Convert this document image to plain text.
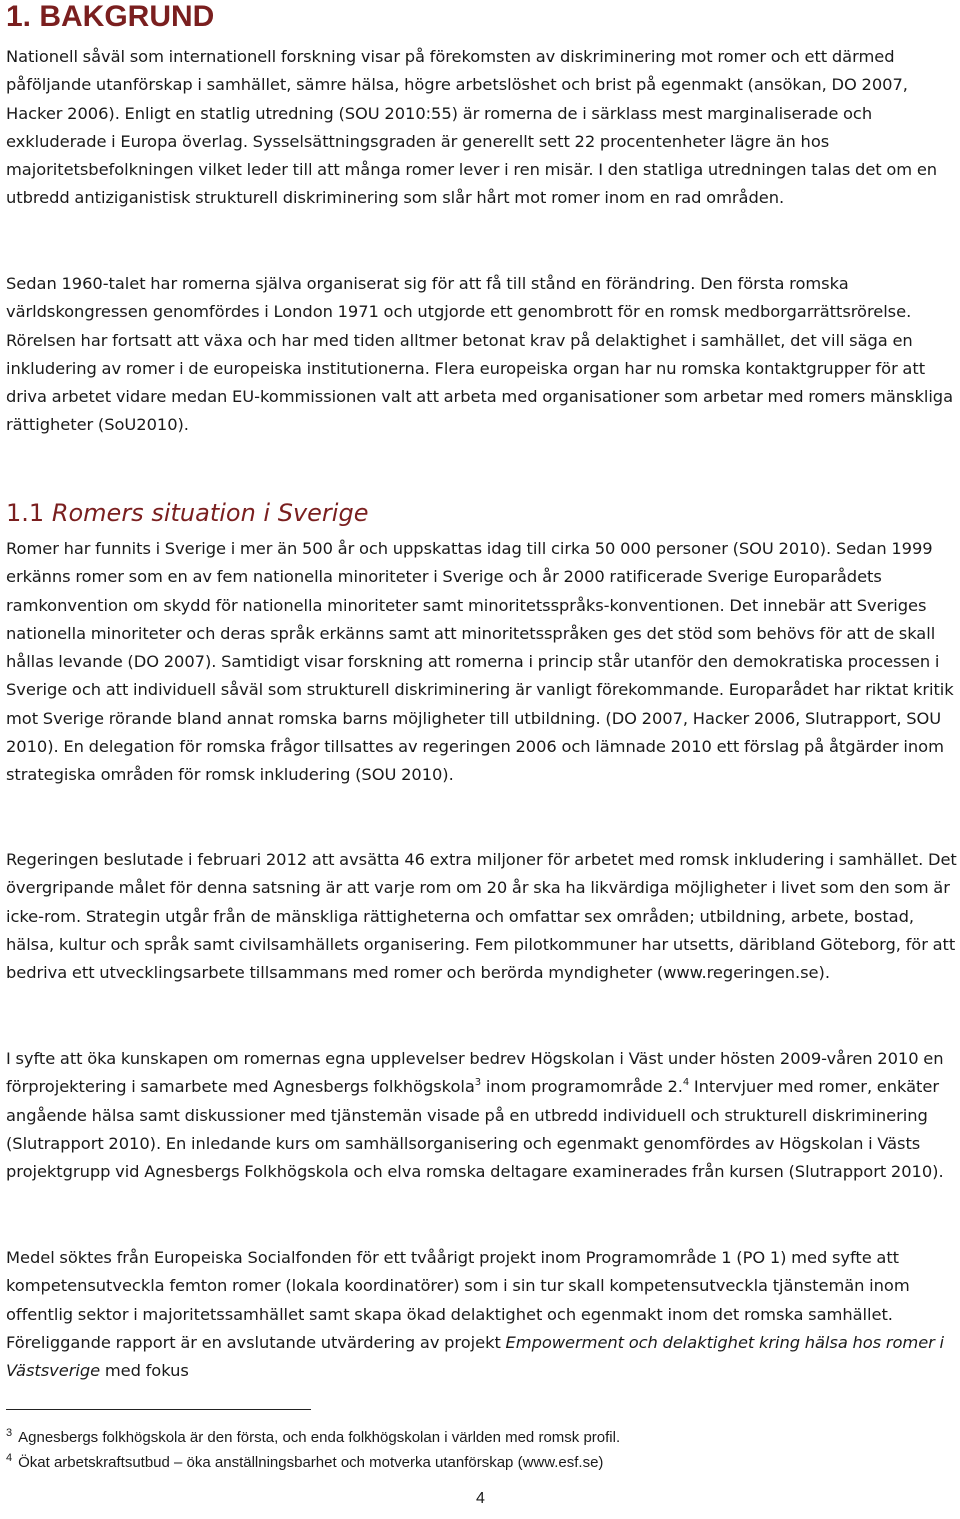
1. BAKGRUND

Nationell såväl som internationell forskning visar på förekomsten av diskriminering mot romer och ett därmed påföljande utanförskap i samhället, sämre hälsa, högre arbetslöshet och brist på egenmakt (ansökan, DO 2007, Hacker 2006). Enligt en statlig utredning (SOU 2010:55) är romerna de i särklass mest marginaliserade och exkluderade i Europa överlag. Sysselsättningsgraden är generellt sett 22 procentenheter lägre än hos majoritetsbefolkningen vilket leder till att många romer lever i ren misär. I den statliga utredningen talas det om en utbredd antiziganistisk strukturell diskriminering som slår hårt mot romer inom en rad områden.

Sedan 1960-talet har romerna själva organiserat sig för att få till stånd en förändring. Den första romska världskongressen genomfördes i London 1971 och utgjorde ett genombrott för en romsk medborgarrättsrörelse. Rörelsen har fortsatt att växa och har med tiden alltmer betonat krav på delaktighet i samhället, det vill säga en inkludering av romer i de europeiska institutionerna. Flera europeiska organ har nu romska kontaktgrupper för att driva arbetet vidare medan EU-kommissionen valt att arbeta med organisationer som arbetar med romers mänskliga rättigheter (SoU2010).

1.1 Romers situation i Sverige

Romer har funnits i Sverige i mer än 500 år och uppskattas idag till cirka 50 000 personer (SOU 2010). Sedan 1999 erkänns romer som en av fem nationella minoriteter i Sverige och år 2000 ratificerade Sverige Europarådets ramkonvention om skydd för nationella minoriteter samt minoritetsspråks-konventionen. Det innebär att Sveriges nationella minoriteter och deras språk erkänns samt att minoritetsspråken ges det stöd som behövs för att de skall hållas levande (DO 2007). Samtidigt visar forskning att romerna i princip står utanför den demokratiska processen i Sverige och att individuell såväl som strukturell diskriminering är vanligt förekommande. Europarådet har riktat kritik mot Sverige rörande bland annat romska barns möjligheter till utbildning. (DO 2007, Hacker 2006, Slutrapport, SOU 2010). En delegation för romska frågor tillsattes av regeringen 2006 och lämnade 2010 ett förslag på åtgärder inom strategiska områden för romsk inkludering (SOU 2010).

Regeringen beslutade i februari 2012 att avsätta 46 extra miljoner för arbetet med romsk inkludering i samhället. Det övergripande målet för denna satsning är att varje rom om 20 år ska ha likvärdiga möjligheter i livet som den som är icke-rom. Strategin utgår från de mänskliga rättigheterna och omfattar sex områden; utbildning, arbete, bostad, hälsa, kultur och språk samt civilsamhällets organisering. Fem pilotkommuner har utsetts, däribland Göteborg, för att bedriva ett utvecklingsarbete tillsammans med romer och berörda myndigheter (www.regeringen.se).

I syfte att öka kunskapen om romernas egna upplevelser bedrev Högskolan i Väst under hösten 2009-våren 2010 en förprojektering i samarbete med Agnesbergs folkhögskola$^3$ inom programområde 2.$^4$ Intervjuer med romer, enkäter angående hälsa samt diskussioner med tjänstemän visade på en utbredd individuell och strukturell diskriminering (Slutrapport 2010). En inledande kurs om samhällsorganisering och egenmakt genomfördes av Högskolan i Västs projektgrupp vid Agnesbergs Folkhögskola och elva romska deltagare examinerades från kursen (Slutrapport 2010).

Medel söktes från Europeiska Socialfonden för ett tvåårigt projekt inom Programområde 1 (PO 1) med syfte att kompetensutveckla femton romer (lokala koordinatörer) som i sin tur skall kompetensutveckla tjänstemän inom offentlig sektor i majoritetssamhället samt skapa ökad delaktighet och egenmakt inom det romska samhället. Föreliggande rapport är en avslutande utvärdering av projekt Empowerment och delaktighet kring hälsa hos romer i Västsverige med fokus

$^3$ Agnesbergs folkhögskola är den första, och enda folkhögskolan i världen med romsk profil.
$^4$ Ökat arbetskraftsutbud – öka anställningsbarhet och motverka utanförskap (www.esf.se)
4
